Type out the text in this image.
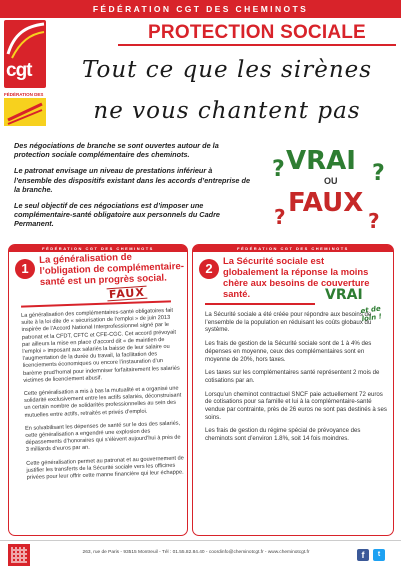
FÉDÉRATION CGT DES CHEMINOTS
cgt
FÉDÉRATION DES
PROTECTION SOCIALE
Tout ce que les sirènes
ne vous chantent pas

Des négociations de branche se sont ouvertes autour de la protection sociale complémentaire des cheminots.

Le patronat envisage un niveau de prestations inférieur à l’ensemble des dispositifs existant dans les accords d’entreprise de la branche.

Le seul objectif de ces négociations est d’imposer une complémentaire-santé obligatoire aux personnels du Cadre Permanent.

?	?
?	?
VRAI
OU
FAUX
FÉDÉRATION CGT DES CHEMINOTS
1
La généralisation de l’obligation de complémentaire-santé est un progrès social.
FAUX

La généralisation des complémentaires-santé obligatoires fait suite à la loi dite de « sécurisation de l’emploi » de juin 2013 inspirée de l’Accord National Interprofessionnel signé par le patronat et la CFDT, CFTC et CFE-CGC. Cet accord prévoyait par ailleurs la mise en place d’accord dit « de maintien de l’emploi » imposant aux salariés la baisse de leur salaire ou l’augmentation de la durée du travail, la facilitation des licenciements économiques ou encore l’instauration d’un barème prud’homal pour indemniser forfaitairement les salariés victimes de licenciement abusif.

Cette généralisation a mis à bas la mutualité et a organisé une solidarité exclusivement entre les actifs salariés, déconstruisant un certain nombre de solidarités professionnelles au sein des mutuelles entre actifs, retraités et privés d’emploi.

En solvabilisant les dépenses de santé sur le dos des salariés, cette généralisation a engendré une explosion des dépassements d’honoraires qui s’élèvent aujourd’hui à près de 3 milliards d’euros par an.

Cette généralisation permet au patronat et au gouvernement de justifier les transferts de la Sécurité sociale vers les officines privées pour leur offrir cette manne financière qui leur échappe.

FÉDÉRATION CGT DES CHEMINOTS
2
La Sécurité sociale est globalement la réponse la moins chère aux besoins de couverture santé.	VRAI
et de loin !

La Sécurité sociale a été créée pour répondre aux besoins de l’ensemble de la population en réduisant les coûts globaux du système.

Les frais de gestion de la Sécurité sociale sont de 1 à 4% des dépenses en moyenne, ceux des complémentaires sont en moyenne de 20%, hors taxes.

Les taxes sur les complémentaires santé représentent 2 mois de cotisations par an.

Lorsqu’un cheminot contractuel SNCF paie actuellement 72 euros de cotisations pour sa famille et lui à la complémentaire-santé vendue par contrainte, près de 26 euros ne sont pas destinés à ses soins.

Les frais de gestion du régime spécial de prévoyance des cheminots sont d’environ 1.8%, soit 14 fois moindres.

263, rue de Paris - 93515 Montreuil - Tél : 01.55.82.84.40 - coordinfo@cheminotcgt.fr - www.cheminotcgt.fr	f	t
